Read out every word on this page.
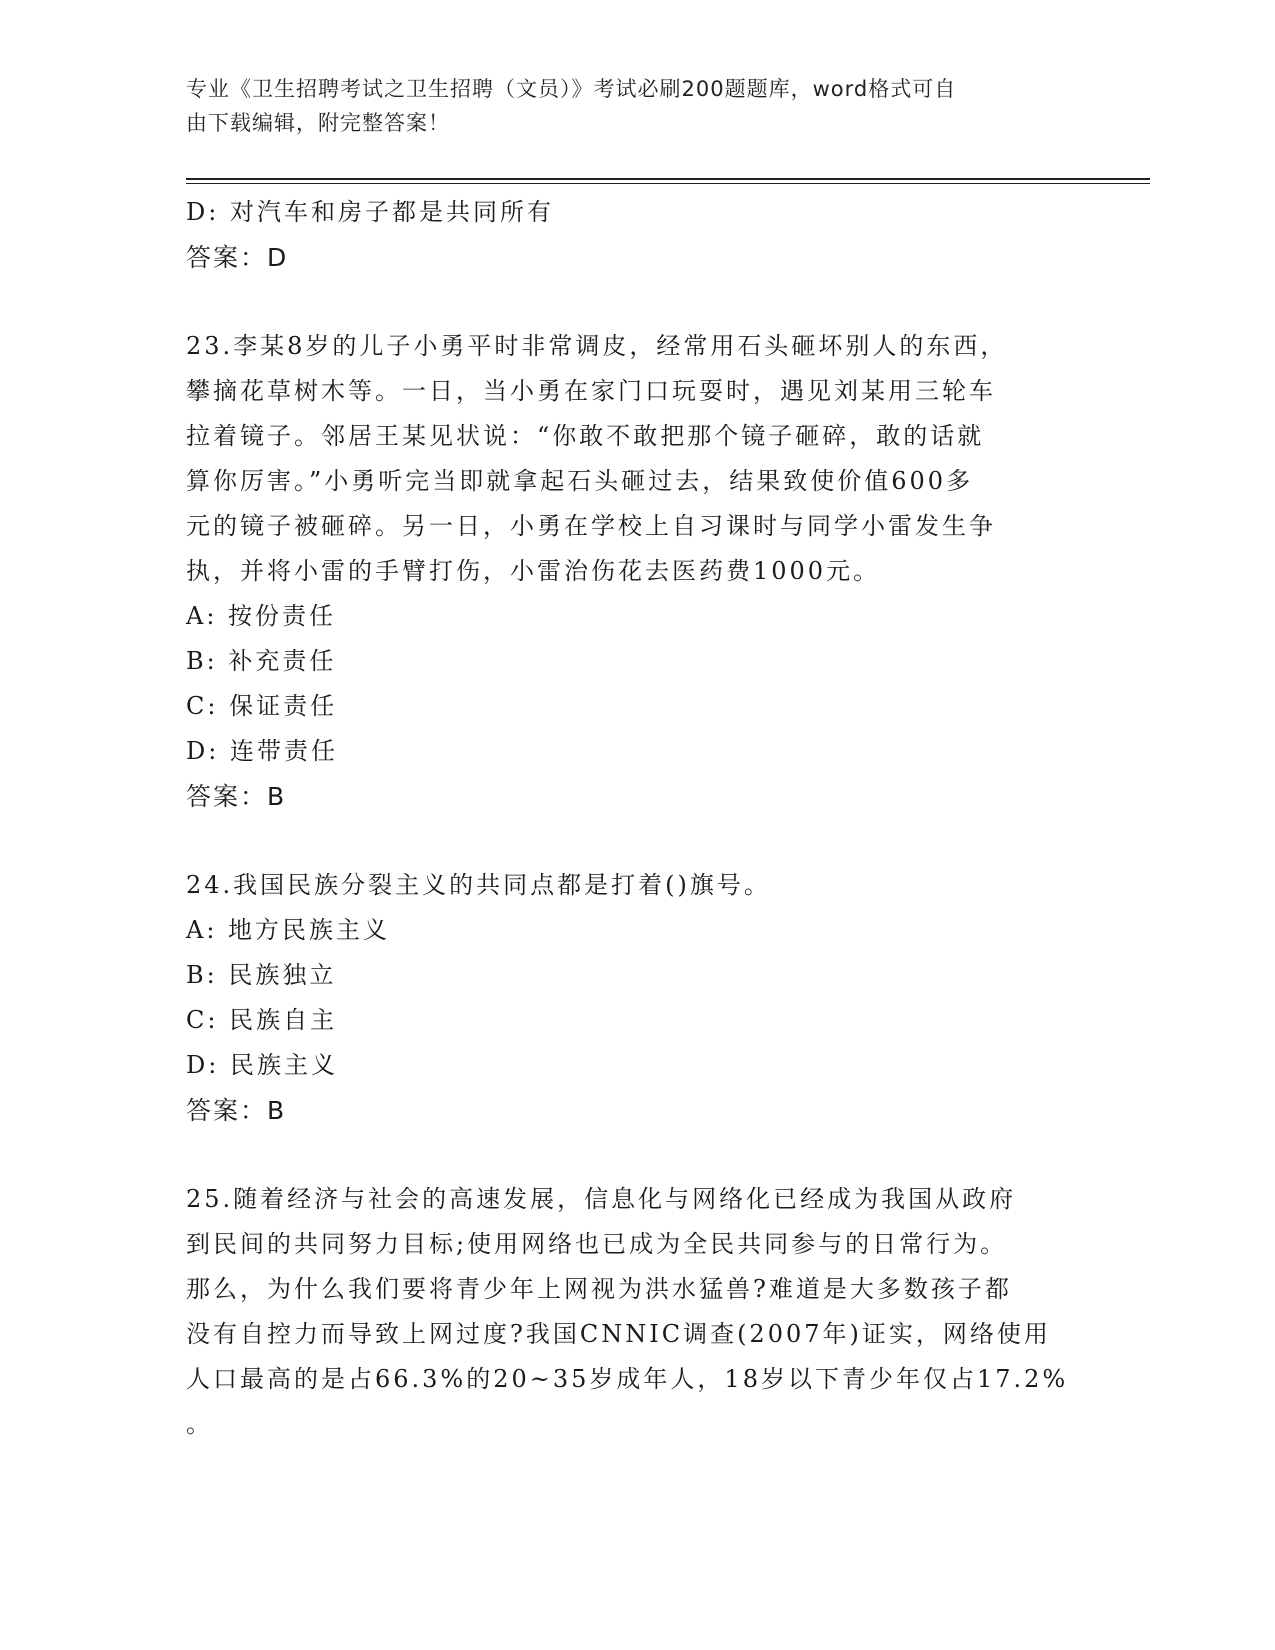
专业《卫生招聘考试之卫生招聘（文员）》考试必刷200题题库，word格式可自
由下载编辑，附完整答案！
D: 对汽车和房子都是共同所有
答案：D
23.李某8岁的儿子小勇平时非常调皮，经常用石头砸坏别人的东西，
攀摘花草树木等。一日，当小勇在家门口玩耍时，遇见刘某用三轮车
拉着镜子。邻居王某见状说：“你敢不敢把那个镜子砸碎，敢的话就
算你厉害。”小勇听完当即就拿起石头砸过去，结果致使价值600多
元的镜子被砸碎。另一日，小勇在学校上自习课时与同学小雷发生争
执，并将小雷的手臂打伤，小雷治伤花去医药费1000元。
A: 按份责任
B: 补充责任
C: 保证责任
D: 连带责任
答案：B
24.我国民族分裂主义的共同点都是打着()旗号。
A: 地方民族主义
B: 民族独立
C: 民族自主
D: 民族主义
答案：B
25.随着经济与社会的高速发展，信息化与网络化已经成为我国从政府
到民间的共同努力目标;使用网络也已成为全民共同参与的日常行为。
那么，为什么我们要将青少年上网视为洪水猛兽?难道是大多数孩子都
没有自控力而导致上网过度?我国CNNIC调查(2007年)证实，网络使用
人口最高的是占66.3%的20~35岁成年人，18岁以下青少年仅占17.2%
。
